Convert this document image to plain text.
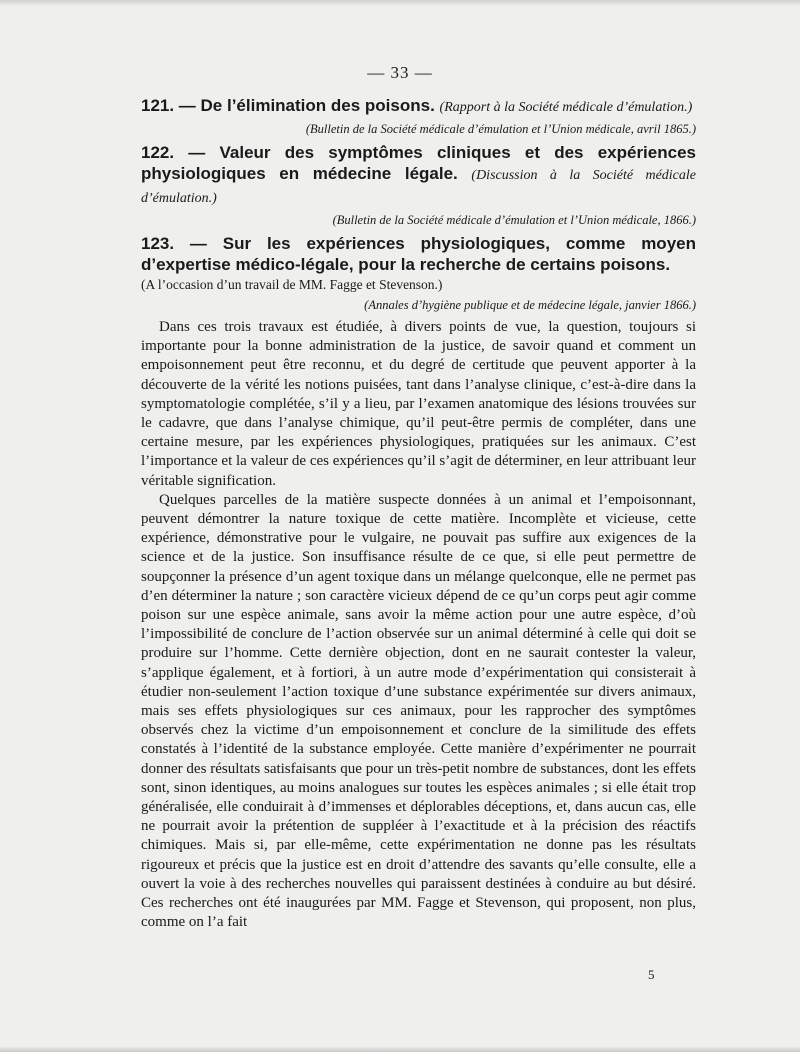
— 33 —

121. — De l’élimination des poisons. (Rapport à la Société médicale d’émulation.)

(Bulletin de la Société médicale d’émulation et l’Union médicale, avril 1865.)

122. — Valeur des symptômes cliniques et des expériences physiologiques en médecine légale. (Discussion à la Société médicale d’émulation.)

(Bulletin de la Société médicale d’émulation et l’Union médicale, 1866.)

123. — Sur les expériences physiologiques, comme moyen d’expertise médico-légale, pour la recherche de certains poisons.

(A l’occasion d’un travail de MM. Fagge et Stevenson.)

(Annales d’hygiène publique et de médecine légale, janvier 1866.)

Dans ces trois travaux est étudiée, à divers points de vue, la question, toujours si importante pour la bonne administration de la justice, de savoir quand et comment un empoisonnement peut être reconnu, et du degré de certitude que peuvent apporter à la découverte de la vérité les notions puisées, tant dans l’analyse clinique, c’est-à-dire dans la symptomatologie complétée, s’il y a lieu, par l’examen anatomique des lésions trouvées sur le cadavre, que dans l’analyse chimique, qu’il peut-être permis de compléter, dans une certaine mesure, par les expériences physiologiques, pratiquées sur les animaux. C’est l’importance et la valeur de ces expériences qu’il s’agit de déterminer, en leur attribuant leur véritable signification.

Quelques parcelles de la matière suspecte données à un animal et l’empoisonnant, peuvent démontrer la nature toxique de cette matière. Incomplète et vicieuse, cette expérience, démonstrative pour le vulgaire, ne pouvait pas suffire aux exigences de la science et de la justice. Son insuffisance résulte de ce que, si elle peut permettre de soupçonner la présence d’un agent toxique dans un mélange quelconque, elle ne permet pas d’en déterminer la nature ; son caractère vicieux dépend de ce qu’un corps peut agir comme poison sur une espèce animale, sans avoir la même action pour une autre espèce, d’où l’impossibilité de conclure de l’action observée sur un animal déterminé à celle qui doit se produire sur l’homme. Cette dernière objection, dont en ne saurait contester la valeur, s’applique également, et à fortiori, à un autre mode d’expérimentation qui consisterait à étudier non-seulement l’action toxique d’une substance expérimentée sur divers animaux, mais ses effets physiologiques sur ces animaux, pour les rapprocher des symptômes observés chez la victime d’un empoisonnement et conclure de la similitude des effets constatés à l’identité de la substance employée. Cette manière d’expérimenter ne pourrait donner des résultats satisfaisants que pour un très-petit nombre de substances, dont les effets sont, sinon identiques, au moins analogues sur toutes les espèces animales ; si elle était trop généralisée, elle conduirait à d’immenses et déplorables déceptions, et, dans aucun cas, elle ne pourrait avoir la prétention de suppléer à l’exactitude et à la précision des réactifs chimiques. Mais si, par elle-même, cette expérimentation ne donne pas les résultats rigoureux et précis que la justice est en droit d’attendre des savants qu’elle consulte, elle a ouvert la voie à des recherches nouvelles qui paraissent destinées à conduire au but désiré. Ces recherches ont été inaugurées par MM. Fagge et Stevenson, qui proposent, non plus, comme on l’a fait

5
